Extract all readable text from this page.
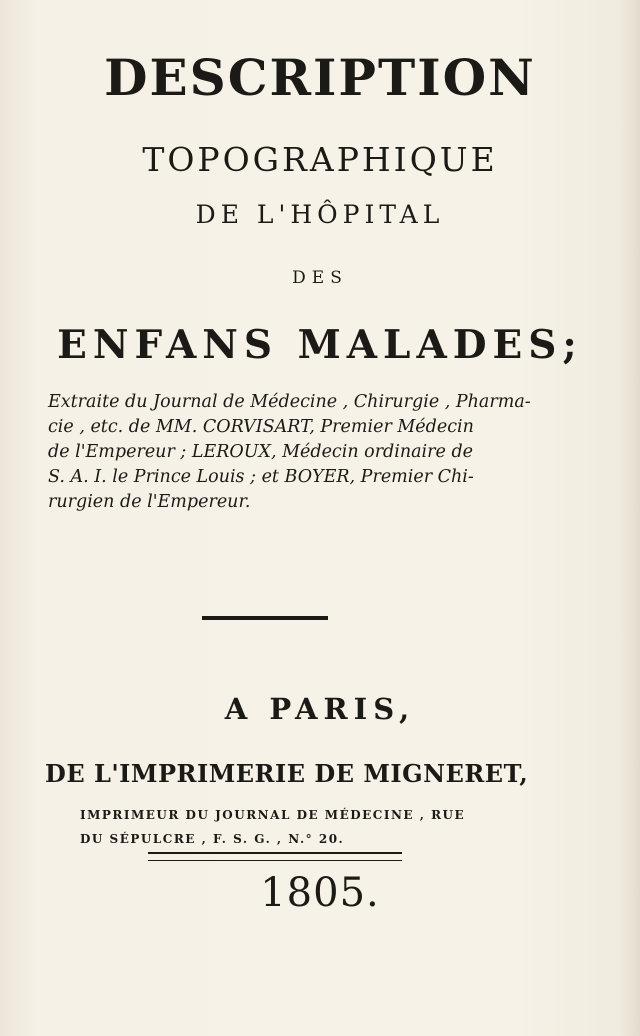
DESCRIPTION
TOPOGRAPHIQUE
DE L'HÔPITAL
DES
ENFANS MALADES;

Extraite du Journal de Médecine , Chirurgie , Pharma-

cie , etc. de MM. CORVISART, Premier Médecin

de l'Empereur ; LEROUX, Médecin ordinaire de

S. A. I. le Prince Louis ; et BOYER, Premier Chi-

rurgien de l'Empereur.

A PARIS,
DE L'IMPRIMERIE DE MIGNERET,

IMPRIMEUR DU JOURNAL DE MÉDECINE , RUE

DU SÉPULCRE , F. S. G. , N.° 20.

1805.
